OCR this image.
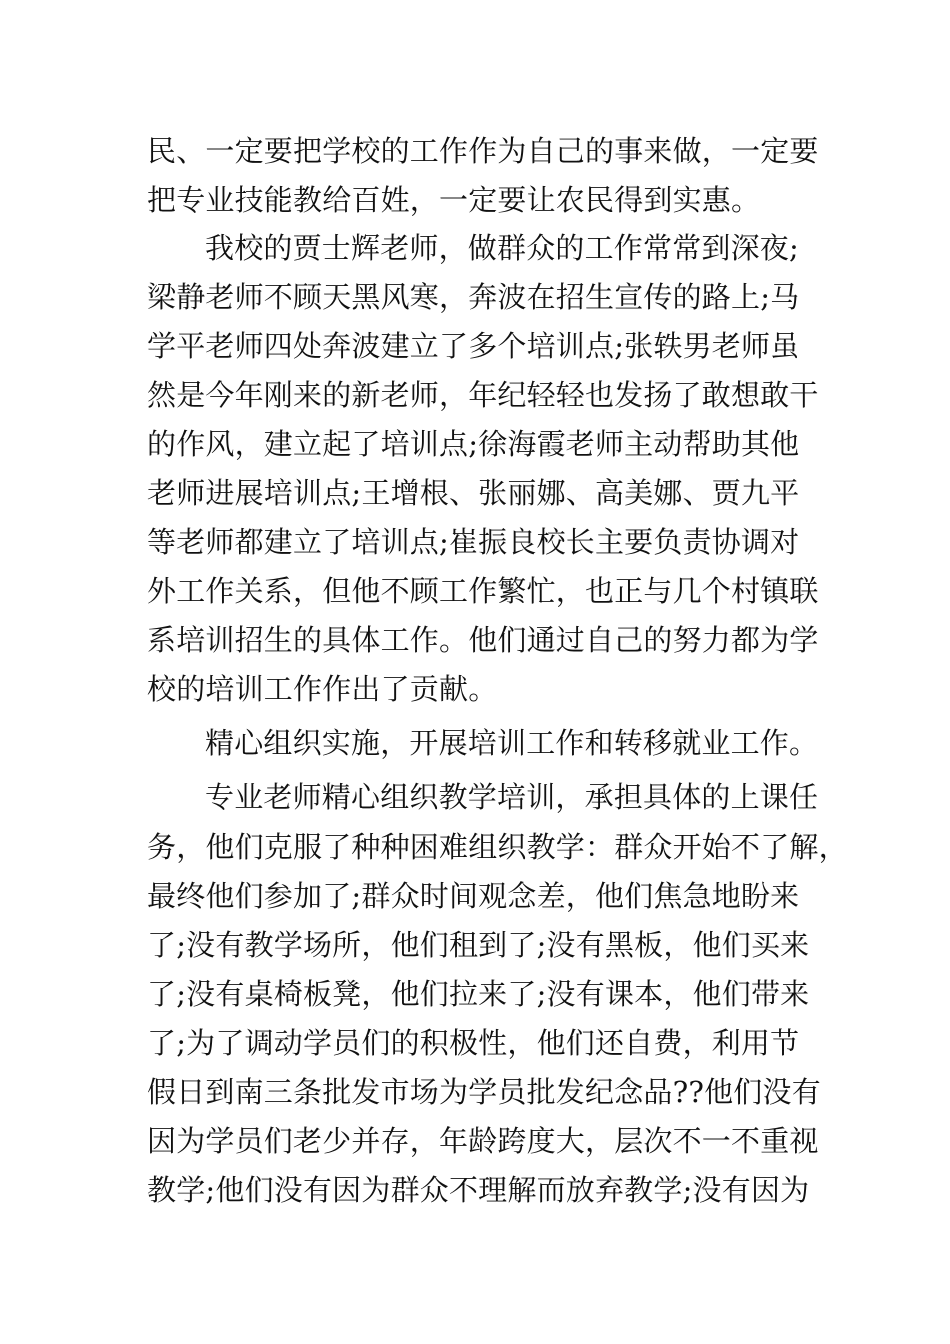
民、一定要把学校的工作作为自己的事来做，一定要

把专业技能教给百姓，一定要让农民得到实惠。

我校的贾士辉老师，做群众的工作常常到深夜;

梁静老师不顾天黑风寒，奔波在招生宣传的路上;马

学平老师四处奔波建立了多个培训点;张轶男老师虽

然是今年刚来的新老师，年纪轻轻也发扬了敢想敢干

的作风，建立起了培训点;徐海霞老师主动帮助其他

老师进展培训点;王增根、张丽娜、高美娜、贾九平

等老师都建立了培训点;崔振良校长主要负责协调对

外工作关系，但他不顾工作繁忙，也正与几个村镇联

系培训招生的具体工作。他们通过自己的努力都为学

校的培训工作作出了贡献。

精心组织实施，开展培训工作和转移就业工作。

专业老师精心组织教学培训，承担具体的上课任

务，他们克服了种种困难组织教学：群众开始不了解，

最终他们参加了;群众时间观念差，他们焦急地盼来

了;没有教学场所，他们租到了;没有黑板，他们买来

了;没有桌椅板凳，他们拉来了;没有课本，他们带来

了;为了调动学员们的积极性，他们还自费，利用节

假日到南三条批发市场为学员批发纪念品??他们没有

因为学员们老少并存，年龄跨度大，层次不一不重视

教学;他们没有因为群众不理解而放弃教学;没有因为
